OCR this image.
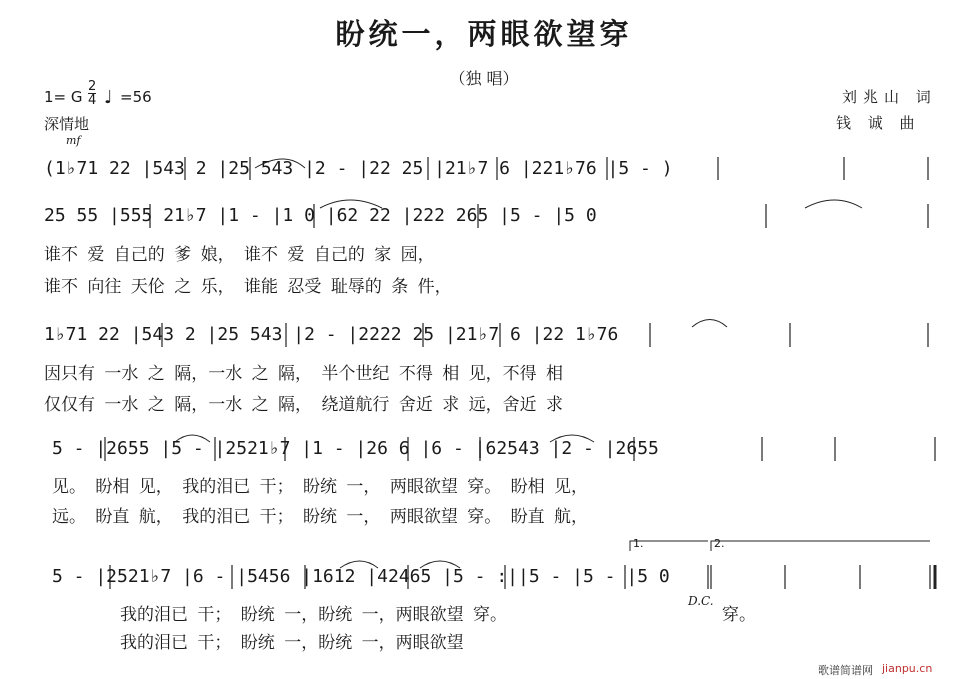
盼统一，两眼欲望穿
（独 唱）
1= G
2
4 ♩ =56
深情地
mf
刘兆山 词
钱 诚 曲
(1♭71 22 |543 2 |25 543 |2 - |22 25 |21♭7 6 |221♭76 |5 - )
25 55 |555 21♭7 |1 - |1 0 |62 22 |222 265 |5 - |5 0
谁不 爱 自己的 爹 娘， 谁不 爱 自己的 家 园，
谁不 向往 天伦 之 乐， 谁能 忍受 耻辱的 条 件，
1♭71 22 |543 2 |25 543 |2 - |2222 25 |21♭7 6 |22 1♭76
因只有 一水 之 隔，一水 之 隔， 半个世纪 不得 相 见，不得 相
仅仅有 一水 之 隔，一水 之 隔， 绕道航行 舍近 求 远，舍近 求
5 - |2655 |5 - |2521♭7 |1 - |26 6 |6 - |62543 |2 - |2655
见。 盼相 见， 我的泪已 干； 盼统 一， 两眼欲望 穿。 盼相 见，
远。 盼直 航， 我的泪已 干； 盼统 一， 两眼欲望 穿。 盼直 航，
1.	2.
5 - |2521♭7 |6 - |5456 |1612 |42465 |5 - :||5 - |5 - |5 0
我的泪已 干； 盼统 一，盼统 一，两眼欲望 穿。
我的泪已 干； 盼统 一，盼统 一，两眼欲望
D.C.
穿。
歌谱简谱网 jianpu.cn
